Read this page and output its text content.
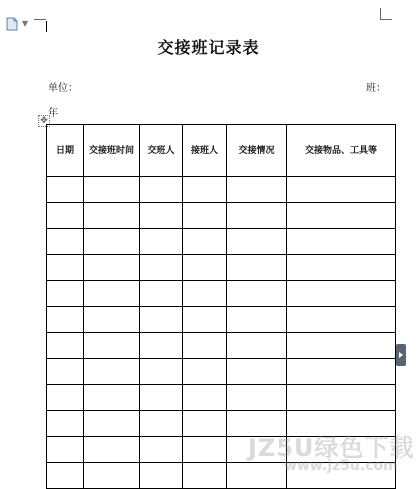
▼
交接班记录表
单位：	班：
年
✥
日期	交接班时间	交班人	接班人	交接情况	交接物品、工具等

JZ5U绿色下载
www.jz5u.com
